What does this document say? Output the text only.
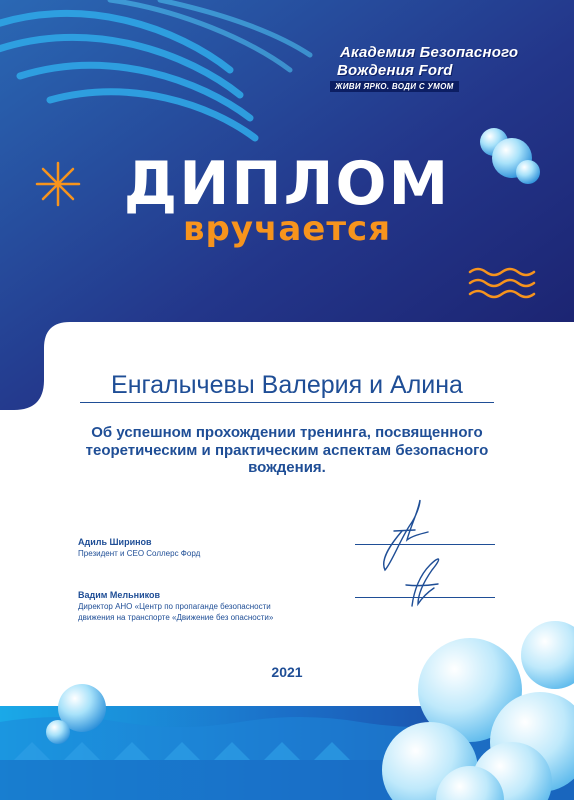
Академия Безопасного
Вождения Ford
ЖИВИ ЯРКО. ВОДИ С УМОМ
ДИПЛОМ
вручается
Енгалычевы Валерия и Алина

Об успешном прохождении тренинга, посвященного теоретическим и практическим аспектам безопасного вождения.

Адиль Ширинов
Президент и CEO Соллерс Форд
Вадим Мельников
Директор АНО «Центр по пропаганде безопасности
движения на транспорте «Движение без опасности»
2021
